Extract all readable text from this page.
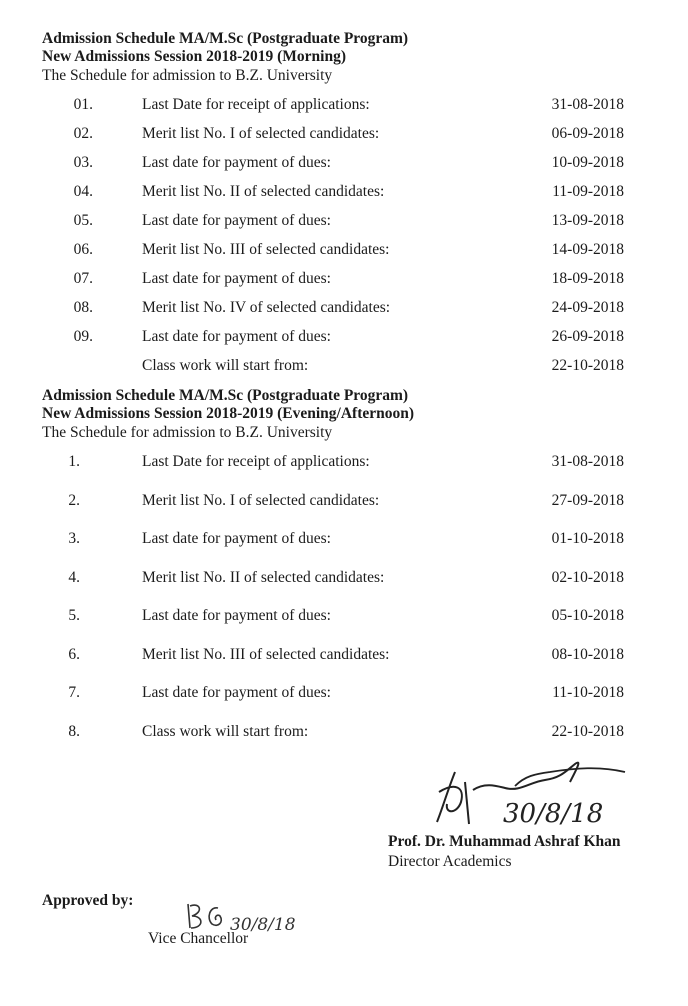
Admission Schedule MA/M.Sc (Postgraduate Program)
New Admissions Session 2018-2019 (Morning)
The Schedule for admission to B.Z. University
01.	Last Date for receipt of applications:	31-08-2018
02.	Merit list No. I of selected candidates:	06-09-2018
03.	Last date for payment of dues:	10-09-2018
04.	Merit list No. II of selected candidates:	11-09-2018
05.	Last date for payment of dues:	13-09-2018
06.	Merit list No. III of selected candidates:	14-09-2018
07.	Last date for payment of dues:	18-09-2018
08.	Merit list No. IV of selected candidates:	24-09-2018
09.	Last date for payment of dues:	26-09-2018
Class work will start from:	22-10-2018
Admission Schedule MA/M.Sc (Postgraduate Program)
New Admissions Session 2018-2019 (Evening/Afternoon)
The Schedule for admission to B.Z. University
1.	Last Date for receipt of applications:	31-08-2018
2.	Merit list No. I of selected candidates:	27-09-2018
3.	Last date for payment of dues:	01-10-2018
4.	Merit list No. II of selected candidates:	02-10-2018
5.	Last date for payment of dues:	05-10-2018
6.	Merit list No. III of selected candidates:	08-10-2018
7.	Last date for payment of dues:	11-10-2018
8.	Class work will start from:	22-10-2018
30/8/18
Prof. Dr. Muhammad Ashraf Khan
Director Academics
Approved by:
30/8/18
Vice Chancellor
